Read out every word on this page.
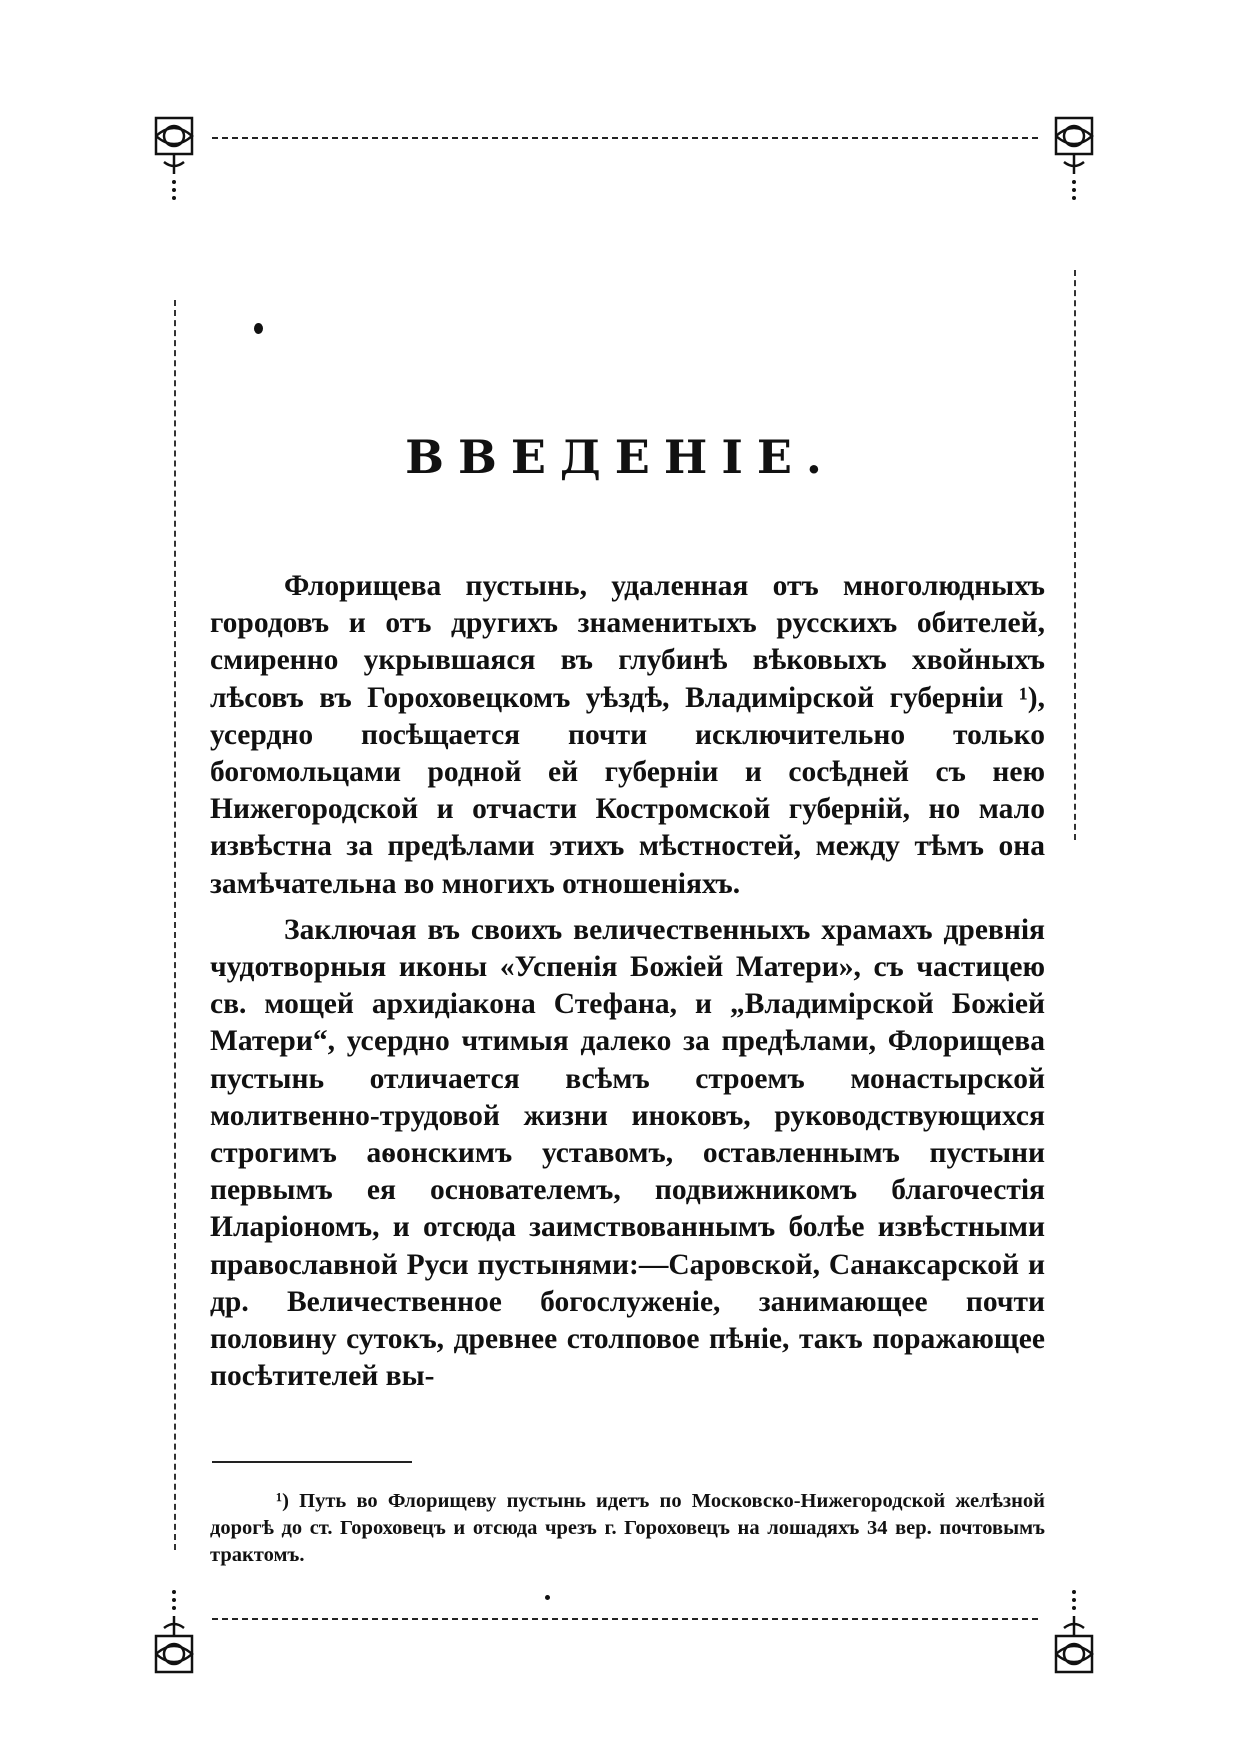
ВВЕДЕНІЕ.

Флорищева пустынь, удаленная отъ многолюдныхъ городовъ и отъ другихъ знаменитыхъ русскихъ обителей, смиренно укрывшаяся въ глубинѣ вѣковыхъ хвойныхъ лѣсовъ въ Гороховецкомъ уѣздѣ, Владимірской губерніи ¹), усердно посѣщается почти исключительно только богомольцами родной ей губерніи и сосѣдней съ нею Нижегородской и отчасти Костромской губерній, но мало извѣстна за предѣлами этихъ мѣстностей, между тѣмъ она замѣчательна во многихъ отношеніяхъ.

Заключая въ своихъ величественныхъ храмахъ древнія чудотворныя иконы «Успенія Божіей Матери», съ частицею св. мощей архидіакона Стефана, и „Владимірской Божіей Матери“, усердно чтимыя далеко за предѣлами, Флорищева пустынь отличается всѣмъ строемъ монастырской молитвенно-трудовой жизни иноковъ, руководствующихся строгимъ аѳонскимъ уставомъ, оставленнымъ пустыни первымъ ея основателемъ, подвижникомъ благочестія Иларіономъ, и отсюда заимствованнымъ болѣе извѣстными православной Руси пустынями:—Саровской, Санаксарской и др. Величественное богослуженіе, занимающее почти половину сутокъ, древнее столповое пѣніе, такъ поражающее посѣтителей вы-

¹) Путь во Флорищеву пустынь идетъ по Московско-Нижегородской желѣзной дорогѣ до ст. Гороховецъ и отсюда чрезъ г. Гороховецъ на лошадяхъ 34 вер. почтовымъ трактомъ.
